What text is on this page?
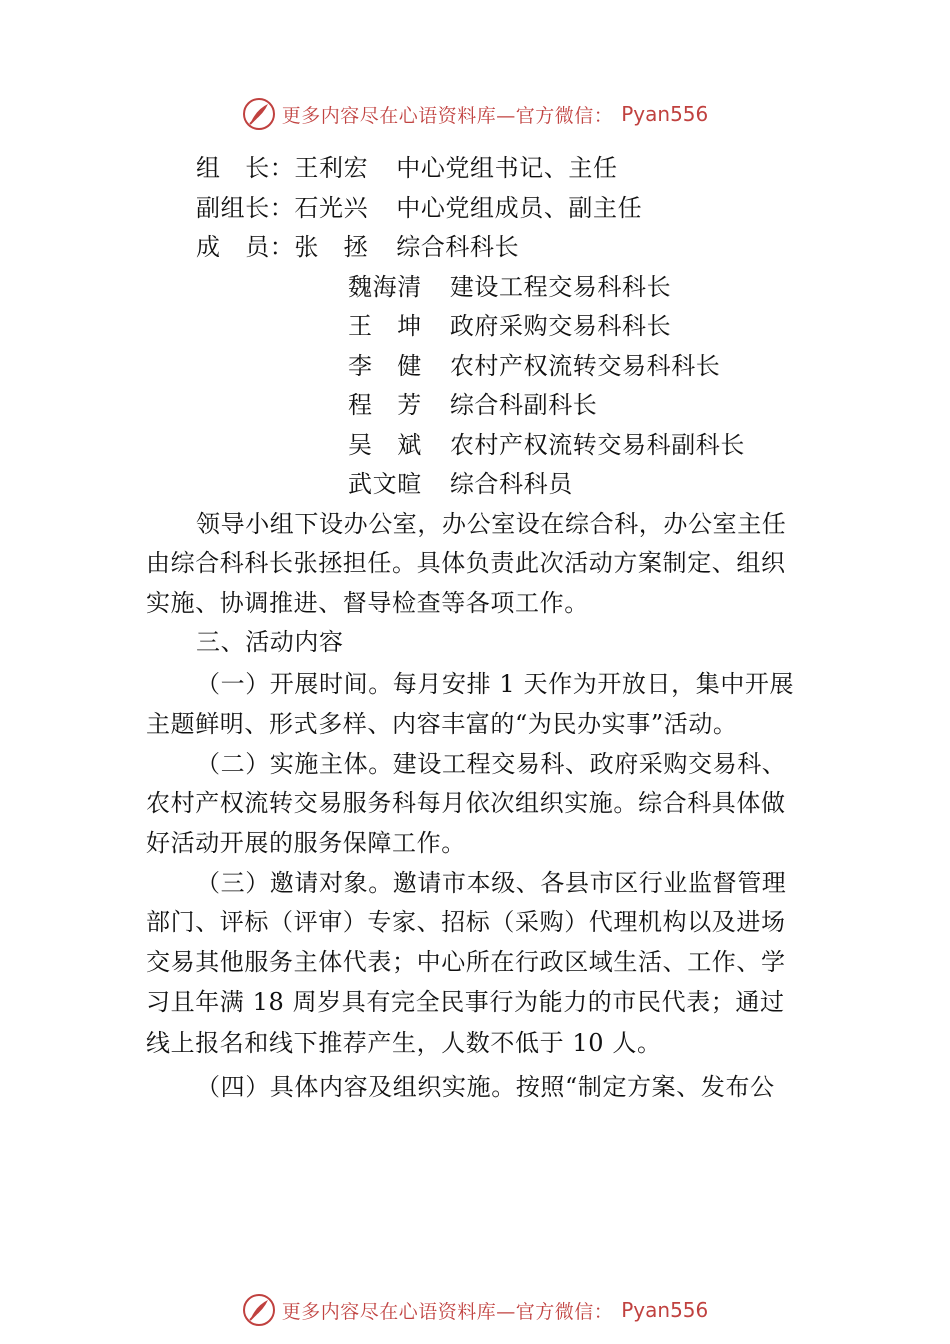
更多内容尽在心语资料库—官方微信： Pyan556
组　长：王利宏 中心党组书记、主任
副组长：石光兴 中心党组成员、副主任
成　员：张　拯 综合科科长
魏海清 建设工程交易科科长
王　坤 政府采购交易科科长
李　健 农村产权流转交易科科长
程　芳 综合科副科长
吴　斌 农村产权流转交易科副科长
武文暄 综合科科员
领导小组下设办公室，办公室设在综合科，办公室主任
由综合科科长张拯担任。具体负责此次活动方案制定、组织
实施、协调推进、督导检查等各项工作。
三、活动内容
（一）开展时间。每月安排 1 天作为开放日，集中开展
主题鲜明、形式多样、内容丰富的“为民办实事”活动。
（二）实施主体。建设工程交易科、政府采购交易科、
农村产权流转交易服务科每月依次组织实施。综合科具体做
好活动开展的服务保障工作。
（三）邀请对象。邀请市本级、各县市区行业监督管理
部门、评标（评审）专家、招标（采购）代理机构以及进场
交易其他服务主体代表；中心所在行政区域生活、工作、学
习且年满 18 周岁具有完全民事行为能力的市民代表；通过
线上报名和线下推荐产生，人数不低于 10 人。
（四）具体内容及组织实施。按照“制定方案、发布公
更多内容尽在心语资料库—官方微信： Pyan556
